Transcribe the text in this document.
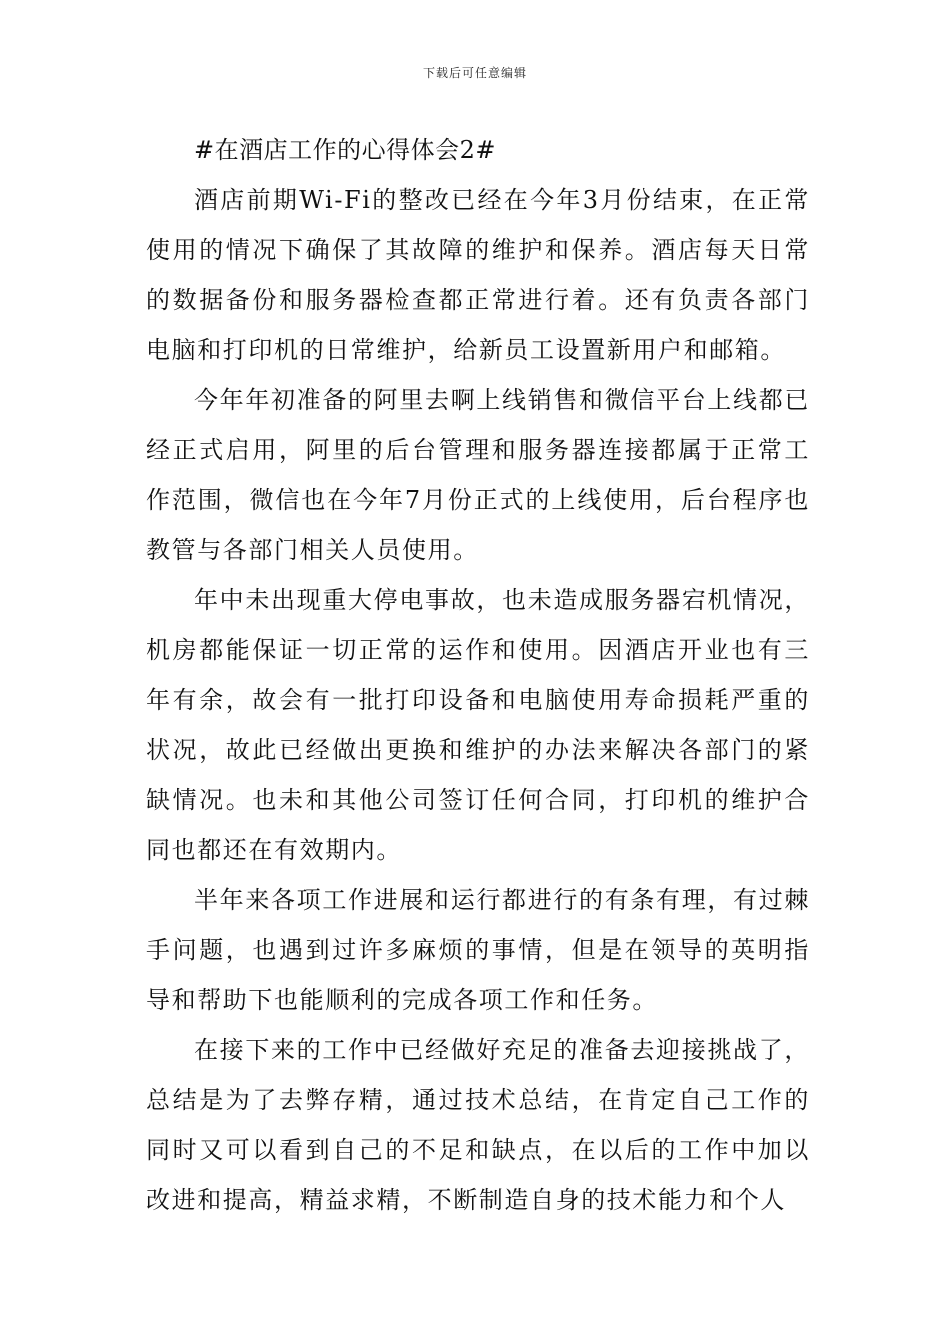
下载后可任意编辑

#在酒店工作的心得体会2#

酒店前期Wi-Fi的整改已经在今年3月份结束，在正常使用的情况下确保了其故障的维护和保养。酒店每天日常的数据备份和服务器检查都正常进行着。还有负责各部门电脑和打印机的日常维护，给新员工设置新用户和邮箱。

今年年初准备的阿里去啊上线销售和微信平台上线都已经正式启用，阿里的后台管理和服务器连接都属于正常工作范围，微信也在今年7月份正式的上线使用，后台程序也教管与各部门相关人员使用。

年中未出现重大停电事故，也未造成服务器宕机情况，机房都能保证一切正常的运作和使用。因酒店开业也有三年有余，故会有一批打印设备和电脑使用寿命损耗严重的状况，故此已经做出更换和维护的办法来解决各部门的紧缺情况。也未和其他公司签订任何合同，打印机的维护合同也都还在有效期内。

半年来各项工作进展和运行都进行的有条有理，有过棘手问题，也遇到过许多麻烦的事情，但是在领导的英明指导和帮助下也能顺利的完成各项工作和任务。

在接下来的工作中已经做好充足的准备去迎接挑战了，总结是为了去弊存精，通过技术总结，在肯定自己工作的同时又可以看到自己的不足和缺点，在以后的工作中加以改进和提高，精益求精，不断制造自身的技术能力和个人
